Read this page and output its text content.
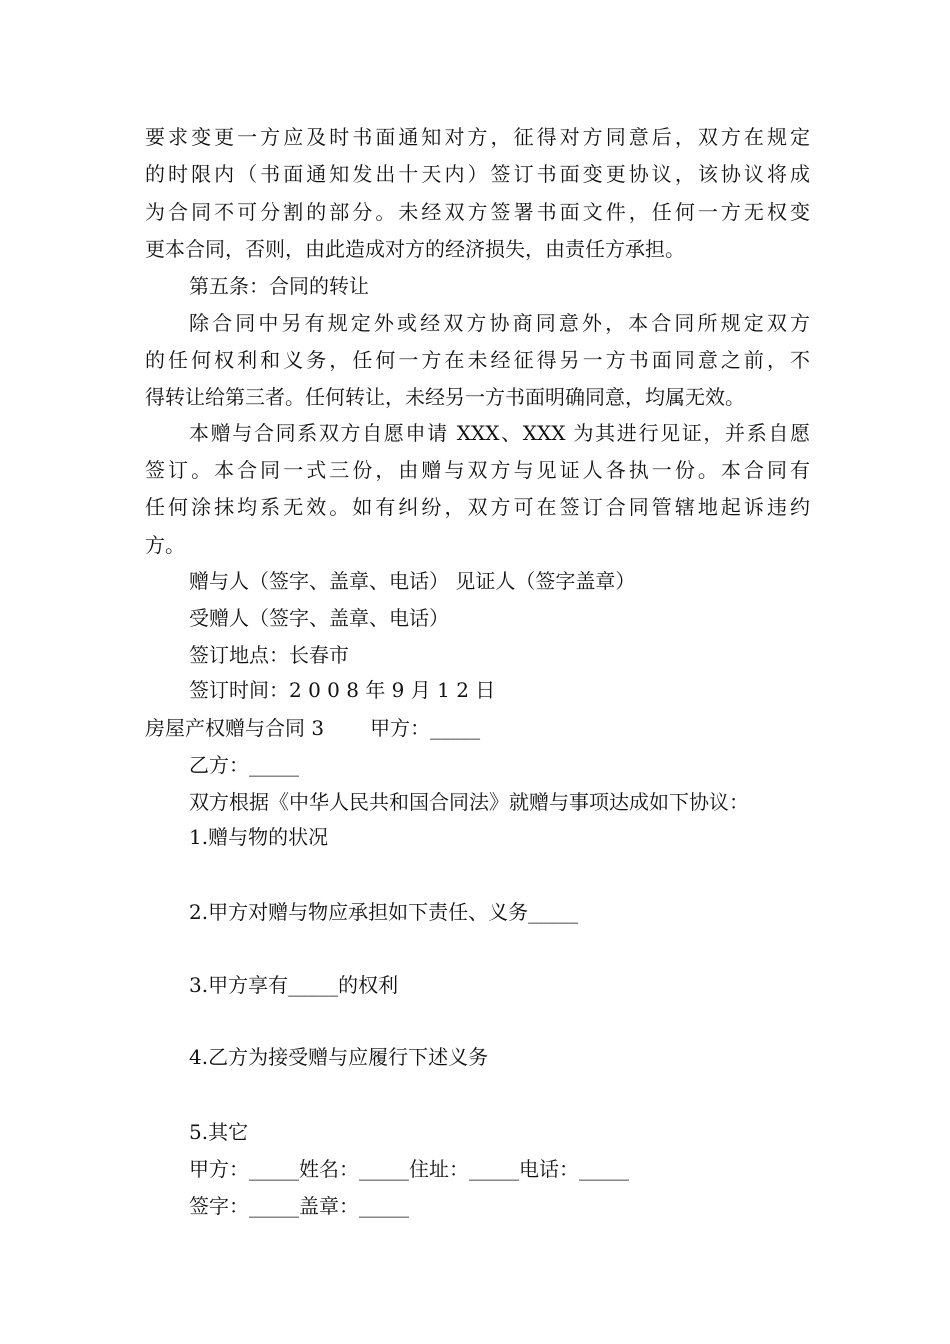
要求变更一方应及时书面通知对方，征得对方同意后，双方在规定
的时限内（书面通知发出十天内）签订书面变更协议，该协议将成
为合同不可分割的部分。未经双方签署书面文件，任何一方无权变
更本合同，否则，由此造成对方的经济损失，由责任方承担。
第五条：合同的转让
除合同中另有规定外或经双方协商同意外，本合同所规定双方
的任何权利和义务，任何一方在未经征得另一方书面同意之前，不
得转让给第三者。任何转让，未经另一方书面明确同意，均属无效。
本赠与合同系双方自愿申请 XXX、XXX 为其进行见证，并系自愿
签订。本合同一式三份，由赠与双方与见证人各执一份。本合同有
任何涂抹均系无效。如有纠纷，双方可在签订合同管辖地起诉违约
方。
赠与人（签字、盖章、电话） 见证人（签字盖章）
受赠人（签字、盖章、电话）
签订地点：长春市
签订时间：2 0 0 8 年 9 月 1 2 日
房屋产权赠与合同 3 甲方：_____
乙方：_____
双方根据《中华人民共和国合同法》就赠与事项达成如下协议：
1.赠与物的状况
2.甲方对赠与物应承担如下责任、义务_____
3.甲方享有_____的权利
4.乙方为接受赠与应履行下述义务
5.其它
甲方：_____姓名：_____住址：_____电话：_____
签字：_____盖章：_____
